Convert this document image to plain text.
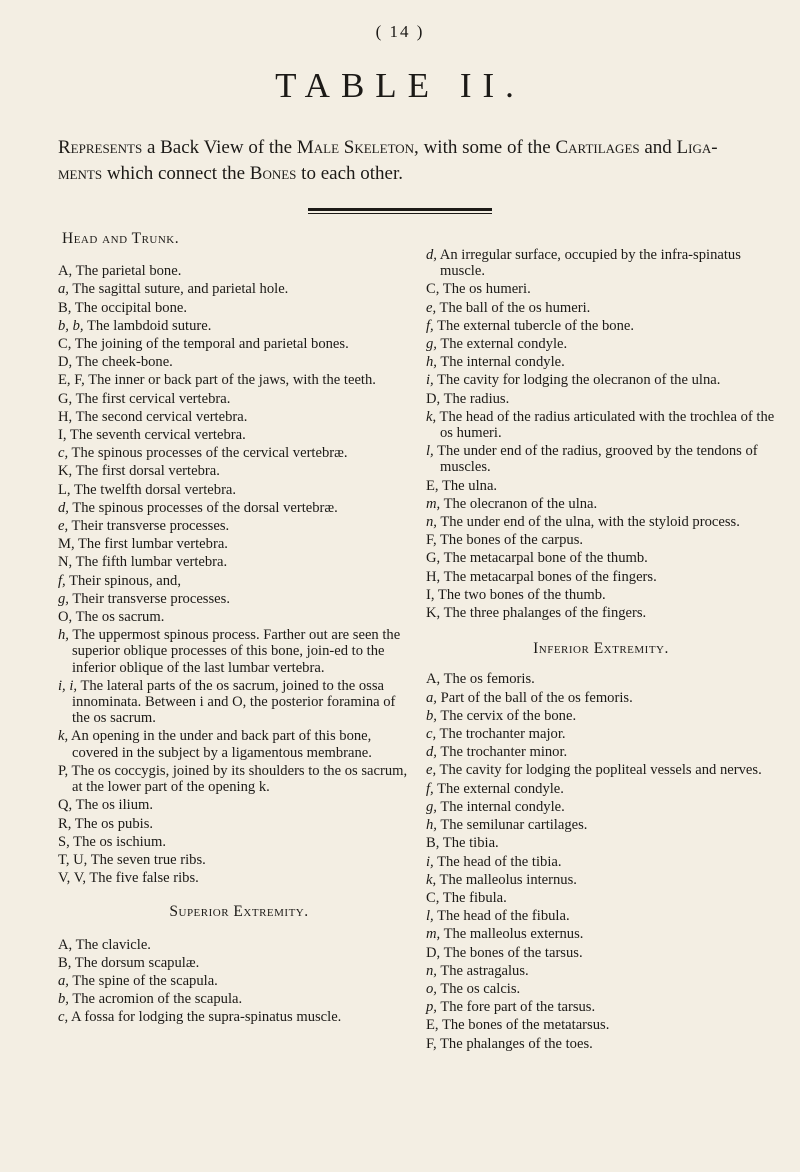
( 14 )
TABLE II.
Represents a Back View of the Male Skeleton, with some of the Cartilages and Liga- ments which connect the Bones to each other.
Head and Trunk.
A, The parietal bone.
a, The sagittal suture, and parietal hole.
B, The occipital bone.
b, b, The lambdoid suture.
C, The joining of the temporal and parietal bones.
D, The cheek-bone.
E, F, The inner or back part of the jaws, with the teeth.
G, The first cervical vertebra.
H, The second cervical vertebra.
I, The seventh cervical vertebra.
c, The spinous processes of the cervical vertebræ.
K, The first dorsal vertebra.
L, The twelfth dorsal vertebra.
d, The spinous processes of the dorsal vertebræ.
e, Their transverse processes.
M, The first lumbar vertebra.
N, The fifth lumbar vertebra.
f, Their spinous, and,
g, Their transverse processes.
O, The os sacrum.
h, The uppermost spinous process. Farther out are seen the superior oblique processes of this bone, join-ed to the inferior oblique of the last lumbar vertebra.
i, i, The lateral parts of the os sacrum, joined to the ossa innominata. Between i and O, the posterior foramina of the os sacrum.
k, An opening in the under and back part of this bone, covered in the subject by a ligamentous membrane.
P, The os coccygis, joined by its shoulders to the os sacrum, at the lower part of the opening k.
Q, The os ilium.
R, The os pubis.
S, The os ischium.
T, U, The seven true ribs.
V, V, The five false ribs.
Superior Extremity.
A, The clavicle.
B, The dorsum scapulæ.
a, The spine of the scapula.
b, The acromion of the scapula.
c, A fossa for lodging the supra-spinatus muscle.
d, An irregular surface, occupied by the infra-spinatus muscle.
C, The os humeri.
e, The ball of the os humeri.
f, The external tubercle of the bone.
g, The external condyle.
h, The internal condyle.
i, The cavity for lodging the olecranon of the ulna.
D, The radius.
k, The head of the radius articulated with the trochlea of the os humeri.
l, The under end of the radius, grooved by the tendons of muscles.
E, The ulna.
m, The olecranon of the ulna.
n, The under end of the ulna, with the styloid process.
F, The bones of the carpus.
G, The metacarpal bone of the thumb.
H, The metacarpal bones of the fingers.
I, The two bones of the thumb.
K, The three phalanges of the fingers.
Inferior Extremity.
A, The os femoris.
a, Part of the ball of the os femoris.
b, The cervix of the bone.
c, The trochanter major.
d, The trochanter minor.
e, The cavity for lodging the popliteal vessels and nerves.
f, The external condyle.
g, The internal condyle.
h, The semilunar cartilages.
B, The tibia.
i, The head of the tibia.
k, The malleolus internus.
C, The fibula.
l, The head of the fibula.
m, The malleolus externus.
D, The bones of the tarsus.
n, The astragalus.
o, The os calcis.
p, The fore part of the tarsus.
E, The bones of the metatarsus.
F, The phalanges of the toes.
